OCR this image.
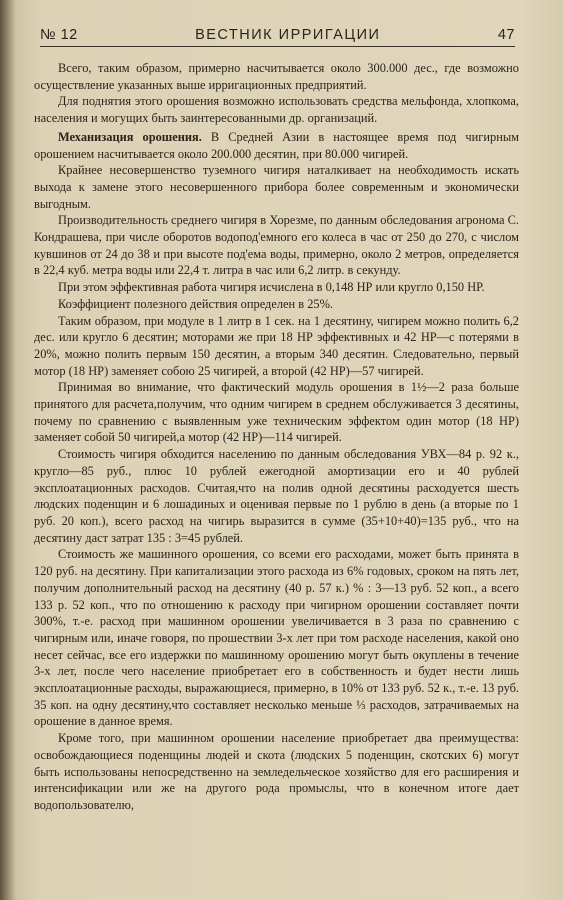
№ 12	ВЕСТНИК ИРРИГАЦИИ	47

Всего, таким образом, примерно насчитывается около 300.000 дес., где возможно осуществление указанных выше ирригационных предприятий.

Для поднятия этого орошения возможно использовать средства мельфонда, хлопкома, населения и могущих быть заинтересованными др. организаций.

Механизация орошения. В Средней Азии в настоящее время под чигирным орошением насчитывается около 200.000 десятин, при 80.000 чигирей.

Крайнее несовершенство туземного чигиря наталкивает на необходимость искать выхода к замене этого несовершенного прибора более современным и экономически выгодным.

Производительность среднего чигиря в Хорезме, по данным обследования агронома С. Кондрашева, при числе оборотов водопод'емного его колеса в час от 250 до 270, с числом кувшинов от 24 до 38 и при высоте под'ема воды, примерно, около 2 метров, определяется в 22,4 куб. метра воды или 22,4 т. литра в час или 6,2 литр. в секунду.

При этом эффективная работа чигиря исчислена в 0,148 НР или кругло 0,150 НР.

Коэффициент полезного действия определен в 25%.

Таким образом, при модуле в 1 литр в 1 сек. на 1 десятину, чигирем можно полить 6,2 дес. или кругло 6 десятин; моторами же при 18 НР эффективных и 42 НР—с потерями в 20%, можно полить первым 150 десятин, а вторым 340 десятин. Следовательно, первый мотор (18 НР) заменяет собою 25 чигирей, а второй (42 НР)—57 чигирей.

Принимая во внимание, что фактический модуль орошения в 1½—2 раза больше принятого для расчета,получим, что одним чигирем в среднем обслуживается 3 десятины, почему по сравнению с выявленным уже техническим эффектом один мотор (18 НР) заменяет собой 50 чигирей,а мотор (42 НР)—114 чигирей.

Стоимость чигиря обходится населению по данным обследования УВХ—84 р. 92 к., кругло—85 руб., плюс 10 рублей ежегодной амортизации его и 40 рублей эксплоатационных расходов. Считая,что на полив одной десятины расходуется шесть людских поденщин и 6 лошадиных и оценивая первые по 1 рублю в день (а вторые по 1 руб. 20 коп.), всего расход на чигирь выразится в сумме (35+10+40)=135 руб., что на десятину даст затрат 135 : 3=45 рублей.

Стоимость же машинного орошения, со всеми его расходами, может быть принята в 120 руб. на десятину. При капитализации этого расхода из 6% годовых, сроком на пять лет, получим дополнительный расход на десятину (40 р. 57 к.) % : 3—13 руб. 52 коп., а всего 133 р. 52 коп., что по отношению к расходу при чигирном орошении составляет почти 300%, т.-е. расход при машинном орошении увеличивается в 3 раза по сравнению с чигирным или, иначе говоря, по прошествии 3-х лет при том расходе населения, какой оно несет сейчас, все его издержки по машинному орошению могут быть окуплены в течение 3-х лет, после чего население приобретает его в собственность и будет нести лишь эксплоатационные расходы, выражающиеся, примерно, в 10% от 133 руб. 52 к., т.-е. 13 руб. 35 коп. на одну десятину,что составляет несколько меньше ⅓ расходов, затрачиваемых на орошение в данное время.

Кроме того, при машинном орошении население приобретает два преимущества: освобождающиеся поденщины людей и скота (людских 5 поденщин, скотских 6) могут быть использованы непосредственно на земледельческое хозяйство для его расширения и интенсификации или же на другого рода промыслы, что в конечном итоге дает водопользователю,
